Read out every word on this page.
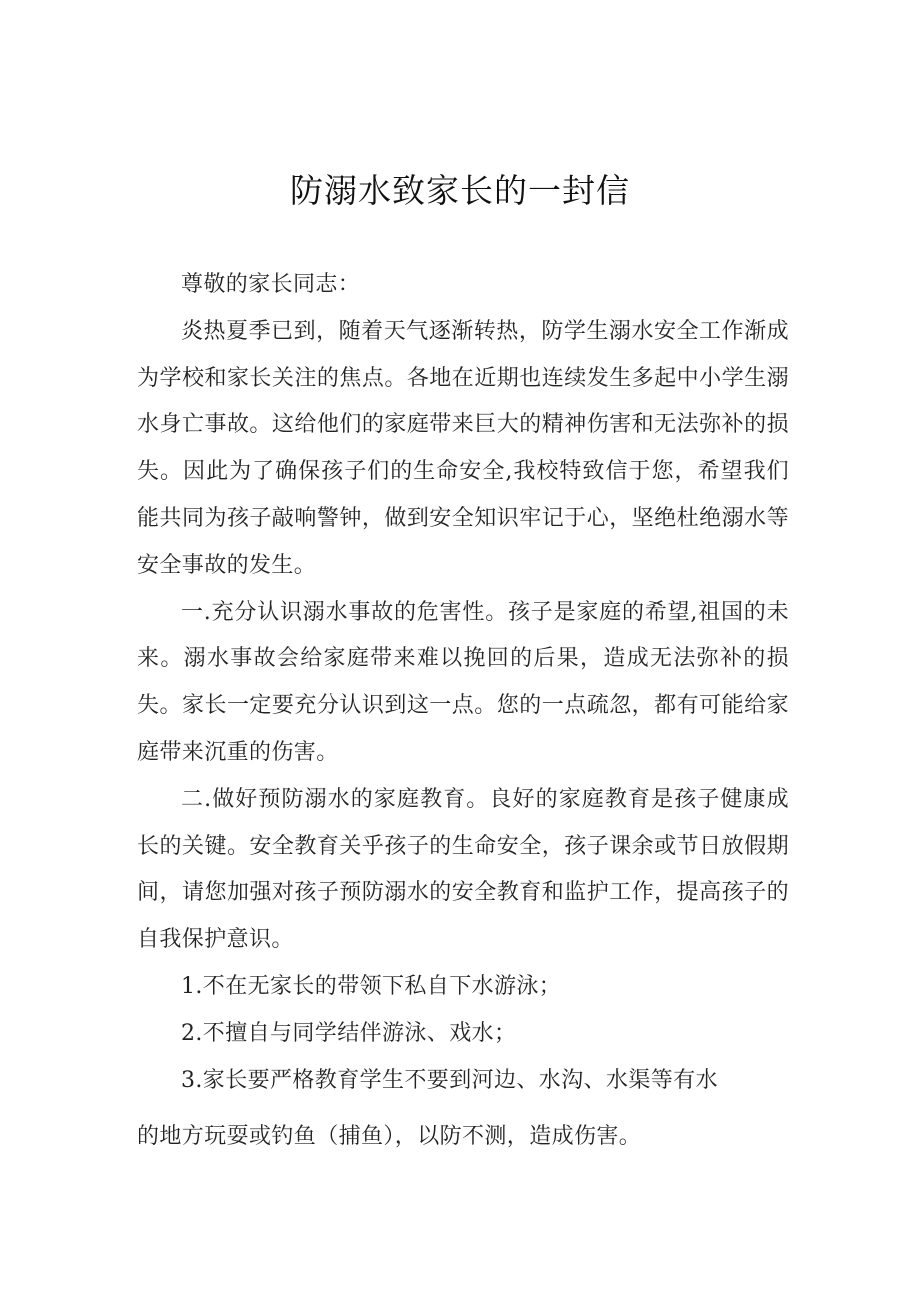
防溺水致家长的一封信

尊敬的家长同志：

炎热夏季已到，随着天气逐渐转热，防学生溺水安全工作渐成为学校和家长关注的焦点。各地在近期也连续发生多起中小学生溺水身亡事故。这给他们的家庭带来巨大的精神伤害和无法弥补的损失。因此为了确保孩子们的生命安全,我校特致信于您，希望我们能共同为孩子敲响警钟，做到安全知识牢记于心，坚绝杜绝溺水等安全事故的发生。

一.充分认识溺水事故的危害性。孩子是家庭的希望,祖国的未来。溺水事故会给家庭带来难以挽回的后果，造成无法弥补的损失。家长一定要充分认识到这一点。您的一点疏忽，都有可能给家庭带来沉重的伤害。

二.做好预防溺水的家庭教育。良好的家庭教育是孩子健康成长的关键。安全教育关乎孩子的生命安全，孩子课余或节日放假期间，请您加强对孩子预防溺水的安全教育和监护工作，提高孩子的自我保护意识。

1.不在无家长的带领下私自下水游泳；

2.不擅自与同学结伴游泳、戏水；

3.家长要严格教育学生不要到河边、水沟、水渠等有水

的地方玩耍或钓鱼（捕鱼），以防不测，造成伤害。
